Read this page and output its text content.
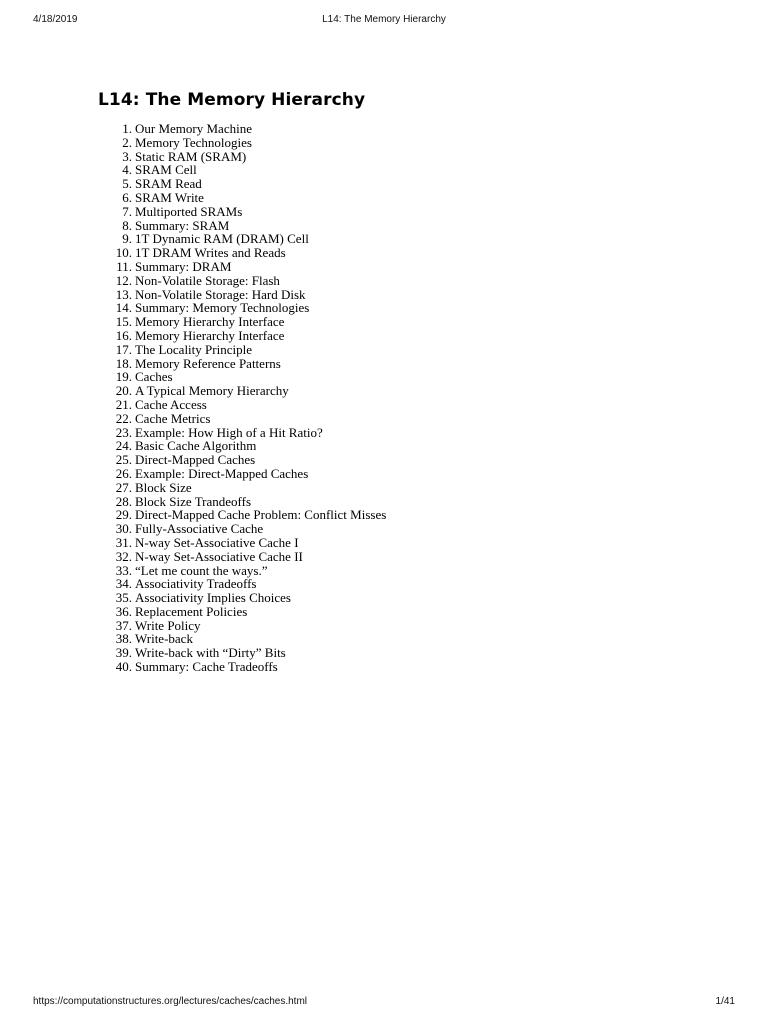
L14: The Memory Hierarchy
4/18/2019
L14: The Memory Hierarchy
1. Our Memory Machine
2. Memory Technologies
3. Static RAM (SRAM)
4. SRAM Cell
5. SRAM Read
6. SRAM Write
7. Multiported SRAMs
8. Summary: SRAM
9. 1T Dynamic RAM (DRAM) Cell
10. 1T DRAM Writes and Reads
11. Summary: DRAM
12. Non-Volatile Storage: Flash
13. Non-Volatile Storage: Hard Disk
14. Summary: Memory Technologies
15. Memory Hierarchy Interface
16. Memory Hierarchy Interface
17. The Locality Principle
18. Memory Reference Patterns
19. Caches
20. A Typical Memory Hierarchy
21. Cache Access
22. Cache Metrics
23. Example: How High of a Hit Ratio?
24. Basic Cache Algorithm
25. Direct-Mapped Caches
26. Example: Direct-Mapped Caches
27. Block Size
28. Block Size Trandeoffs
29. Direct-Mapped Cache Problem: Conflict Misses
30. Fully-Associative Cache
31. N-way Set-Associative Cache I
32. N-way Set-Associative Cache II
33. “Let me count the ways.”
34. Associativity Tradeoffs
35. Associativity Implies Choices
36. Replacement Policies
37. Write Policy
38. Write-back
39. Write-back with “Dirty” Bits
40. Summary: Cache Tradeoffs
https://computationstructures.org/lectures/caches/caches.html	1/41
